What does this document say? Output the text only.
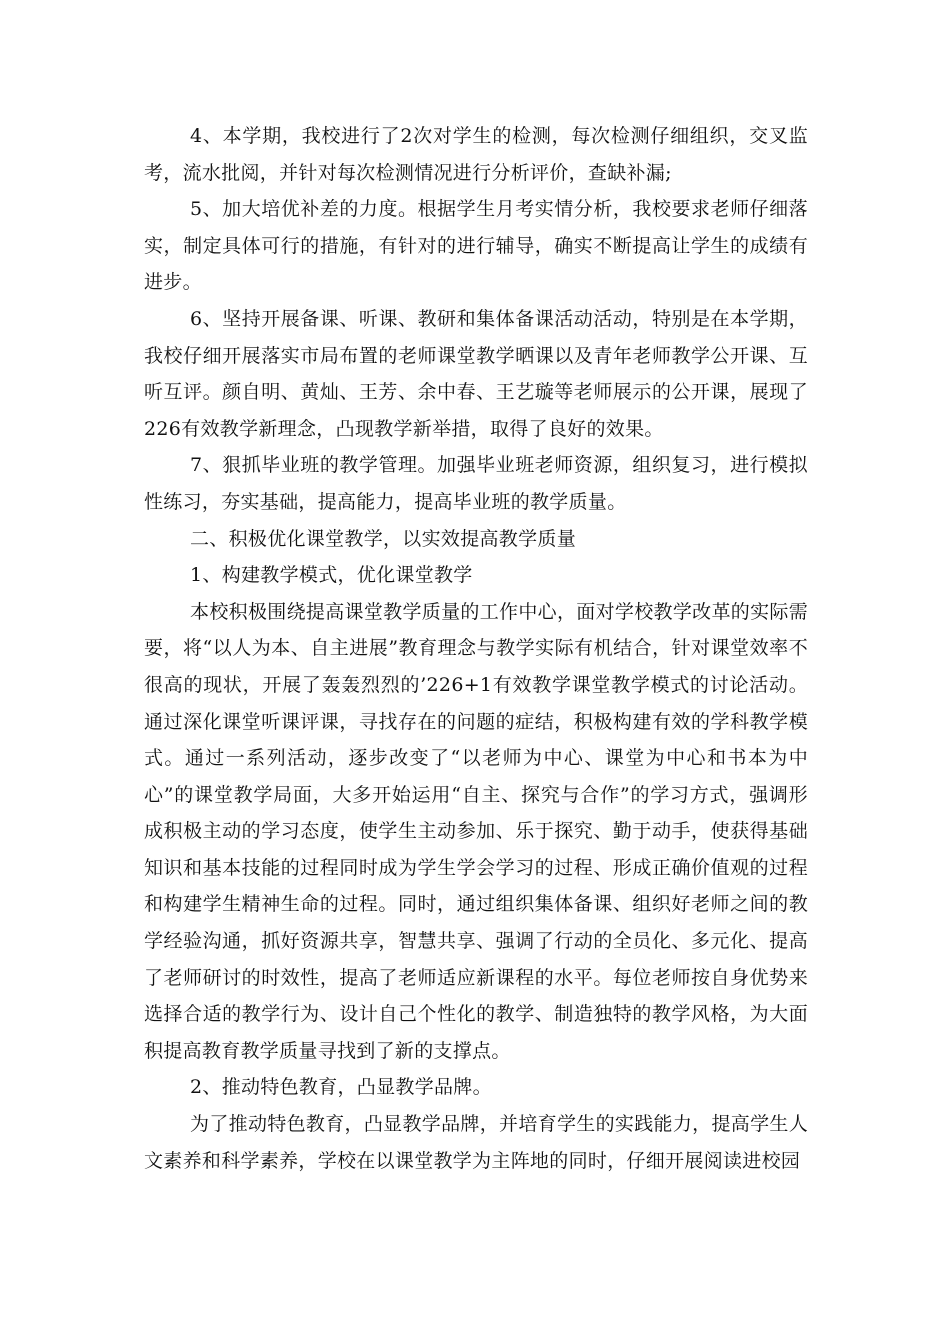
4、本学期，我校进行了2次对学生的检测，每次检测仔细组织，交叉监考，流水批阅，并针对每次检测情况进行分析评价，查缺补漏;

5、加大培优补差的力度。根据学生月考实情分析，我校要求老师仔细落实，制定具体可行的措施，有针对的进行辅导，确实不断提高让学生的成绩有进步。

6、坚持开展备课、听课、教研和集体备课活动活动，特别是在本学期，我校仔细开展落实市局布置的老师课堂教学晒课以及青年老师教学公开课、互听互评。颜自明、黄灿、王芳、余中春、王艺璇等老师展示的公开课，展现了226有效教学新理念，凸现教学新举措，取得了良好的效果。

7、狠抓毕业班的教学管理。加强毕业班老师资源，组织复习，进行模拟性练习，夯实基础，提高能力，提高毕业班的教学质量。

二、积极优化课堂教学，以实效提高教学质量

1、构建教学模式，优化课堂教学

本校积极围绕提高课堂教学质量的工作中心，面对学校教学改革的实际需要，将“以人为本、自主进展”教育理念与教学实际有机结合，针对课堂效率不很高的现状，开展了轰轰烈烈的’226+1有效教学课堂教学模式的讨论活动。通过深化课堂听课评课，寻找存在的问题的症结，积极构建有效的学科教学模式。通过一系列活动，逐步改变了“以老师为中心、课堂为中心和书本为中心”的课堂教学局面，大多开始运用“自主、探究与合作”的学习方式，强调形成积极主动的学习态度，使学生主动参加、乐于探究、勤于动手，使获得基础知识和基本技能的过程同时成为学生学会学习的过程、形成正确价值观的过程和构建学生精神生命的过程。同时，通过组织集体备课、组织好老师之间的教学经验沟通，抓好资源共享，智慧共享、强调了行动的全员化、多元化、提高了老师研讨的时效性，提高了老师适应新课程的水平。每位老师按自身优势来选择合适的教学行为、设计自己个性化的教学、制造独特的教学风格，为大面积提高教育教学质量寻找到了新的支撑点。

2、推动特色教育，凸显教学品牌。

为了推动特色教育，凸显教学品牌，并培育学生的实践能力，提高学生人文素养和科学素养，学校在以课堂教学为主阵地的同时，仔细开展阅读进校园
